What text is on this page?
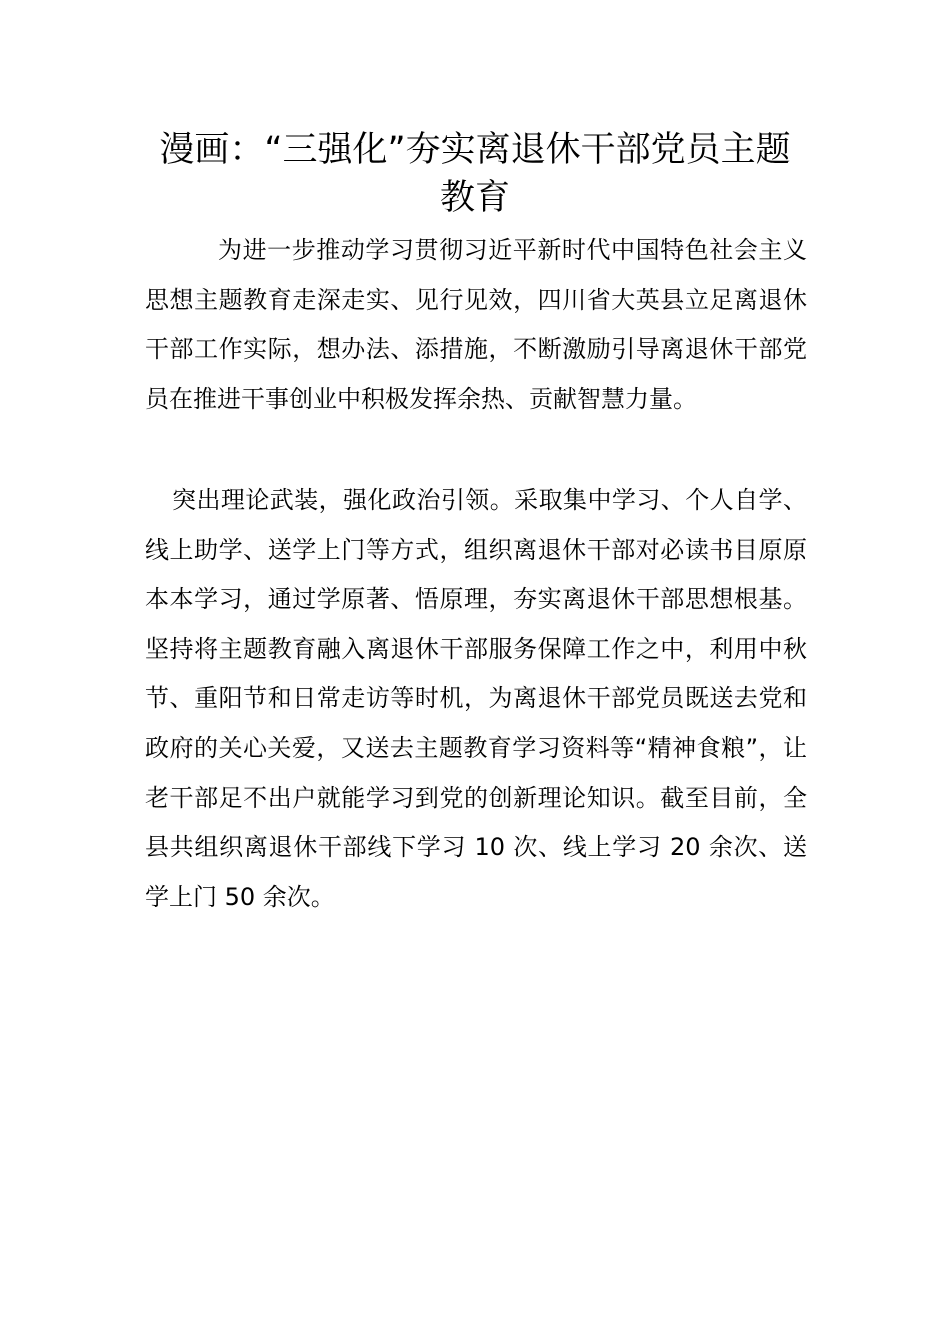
漫画：“三强化”夯实离退休干部党员主题教育

为进一步推动学习贯彻习近平新时代中国特色社会主义思想主题教育走深走实、见行见效，四川省大英县立足离退休干部工作实际，想办法、添措施，不断激励引导离退休干部党员在推进干事创业中积极发挥余热、贡献智慧力量。

突出理论武装，强化政治引领。采取集中学习、个人自学、线上助学、送学上门等方式，组织离退休干部对必读书目原原本本学习，通过学原著、悟原理，夯实离退休干部思想根基。坚持将主题教育融入离退休干部服务保障工作之中，利用中秋节、重阳节和日常走访等时机，为离退休干部党员既送去党和政府的关心关爱，又送去主题教育学习资料等“精神食粮”，让老干部足不出户就能学习到党的创新理论知识。截至目前，全县共组织离退休干部线下学习 10 次、线上学习 20 余次、送学上门 50 余次。
